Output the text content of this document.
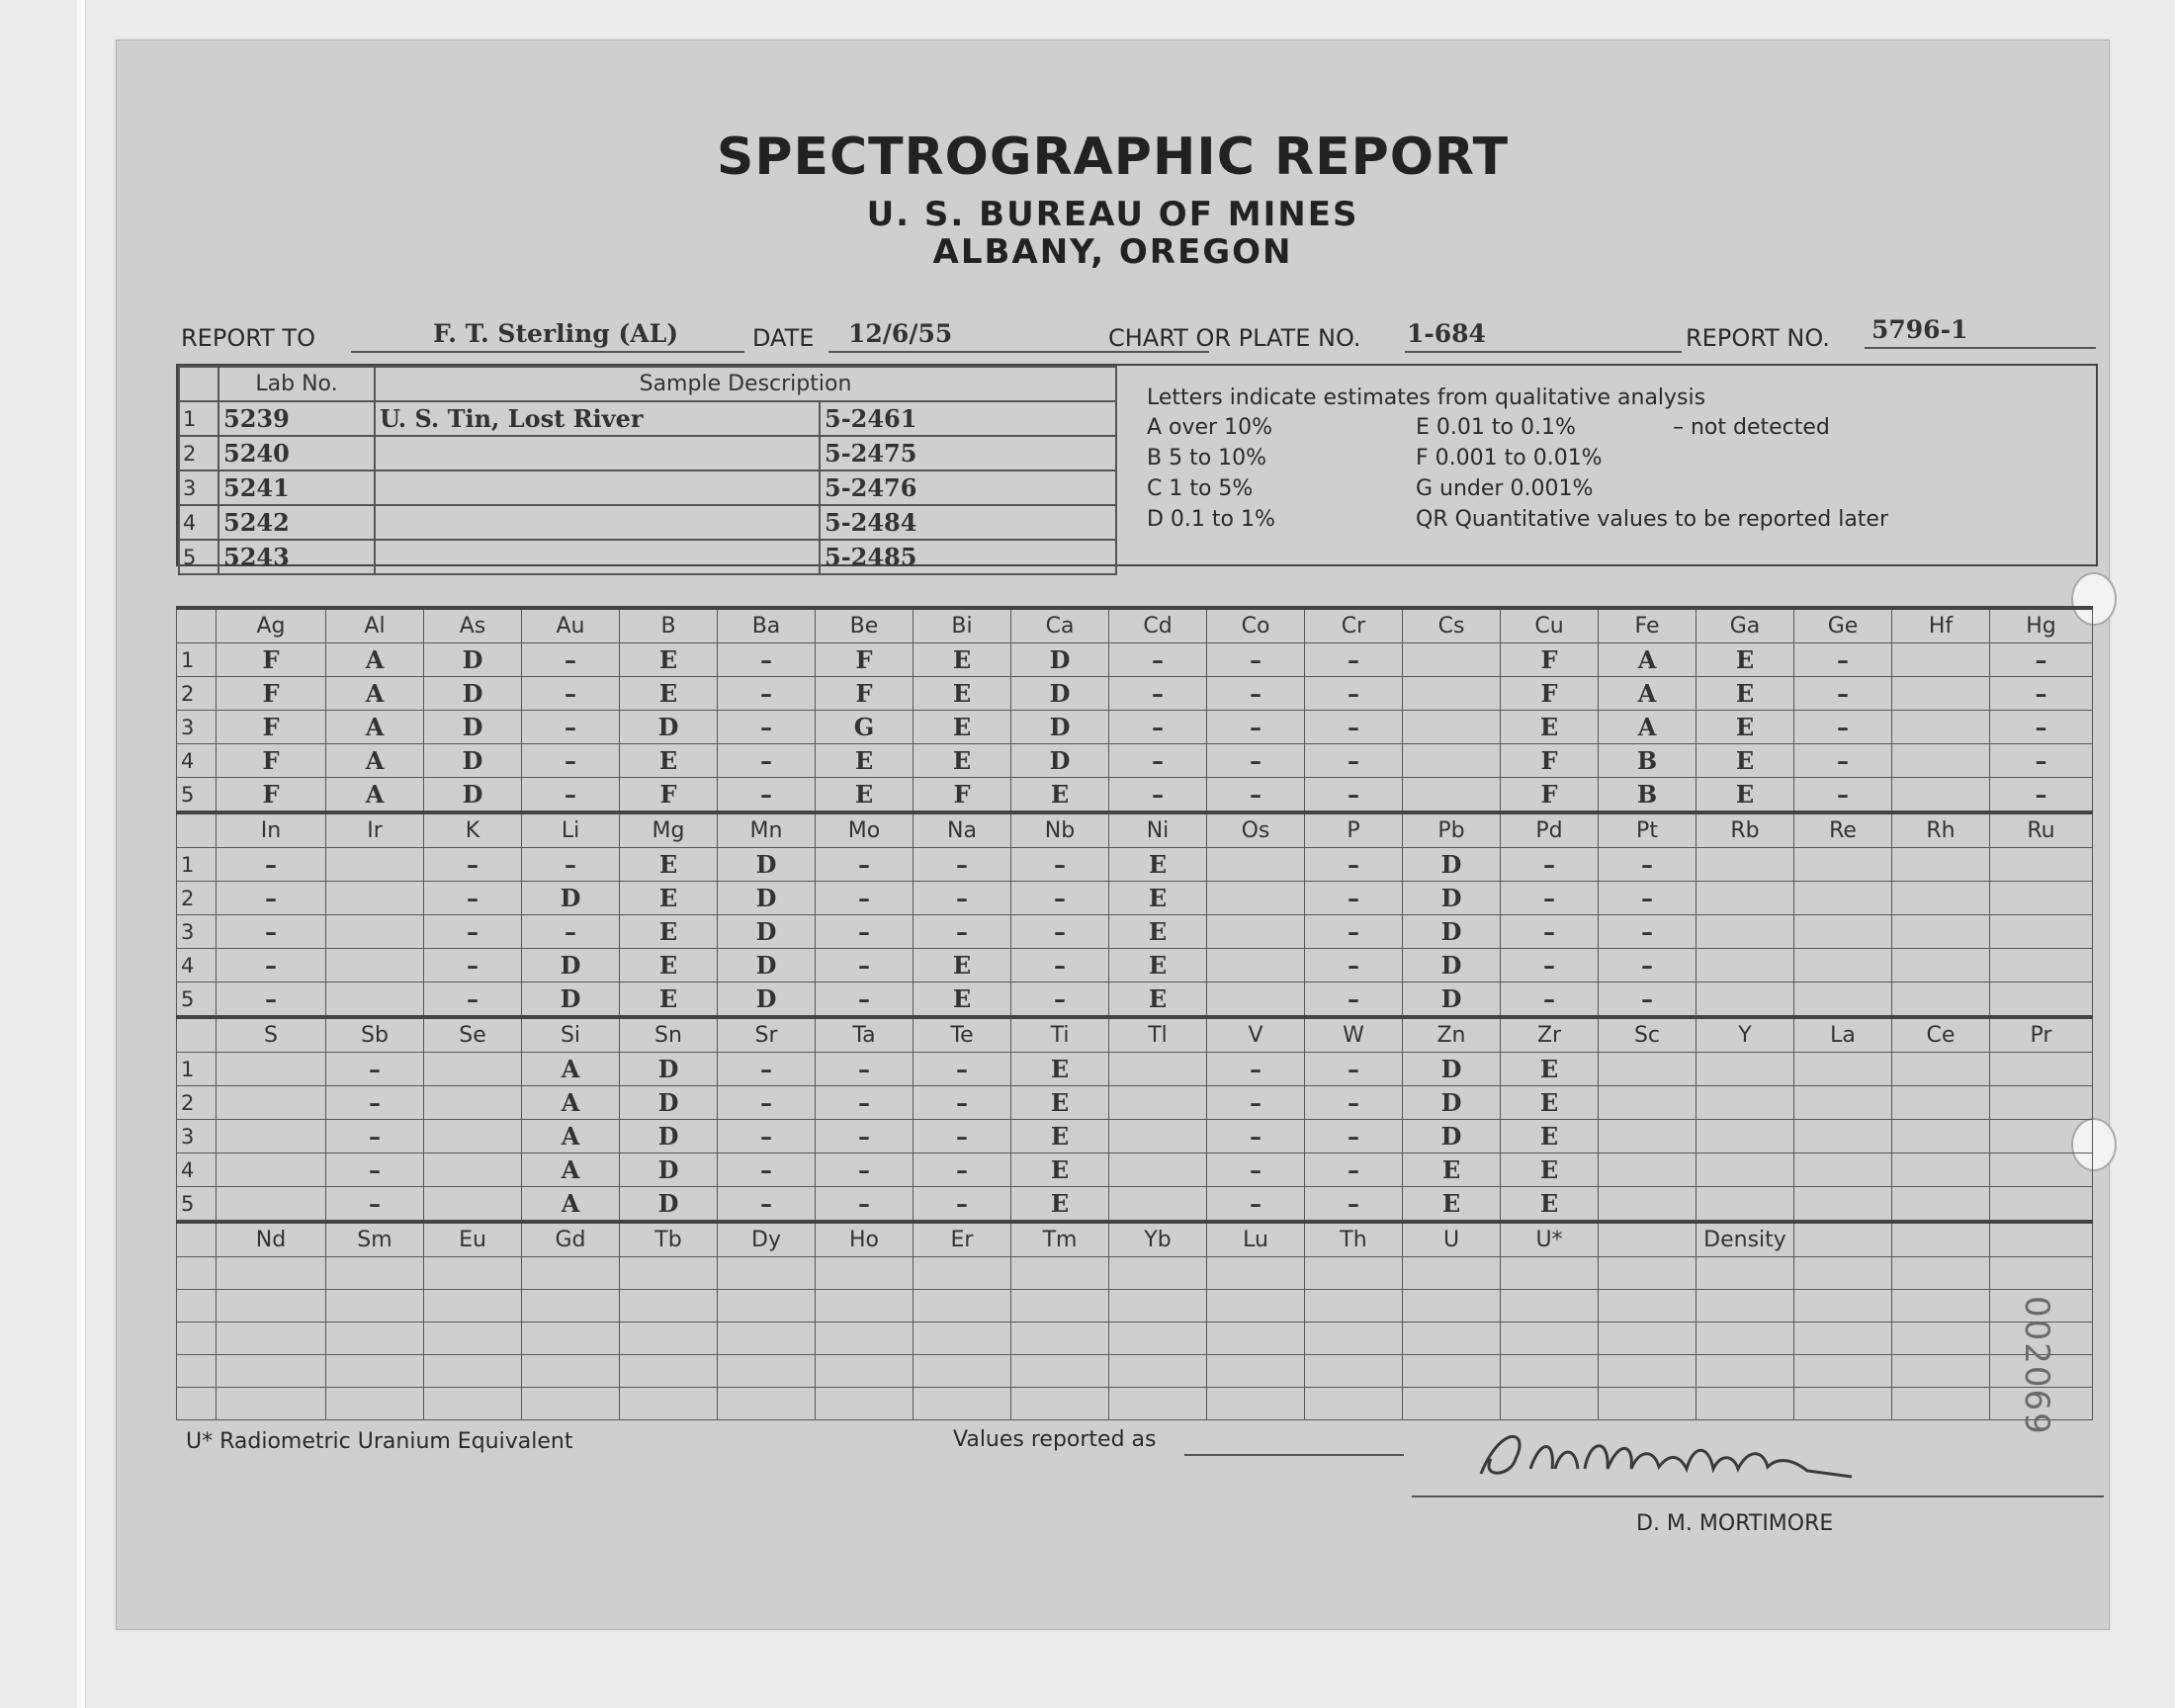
SPECTROGRAPHIC REPORT
U. S. BUREAU OF MINES
ALBANY, OREGON
REPORT TO	F. T. Sterling (AL)	DATE 12/6/55	CHART OR PLATE NO. 1-684	REPORT NO. 5796-1
	Lab No.	Sample Description	
1	5239	U. S. Tin, Lost River	5-2461
2	5240		5-2475
3	5241		5-2476
4	5242		5-2484
5	5243		5-2485
Letters indicate estimates from qualitative analysis
A over 10%
B 5 to 10%
C 1 to 5%
D 0.1 to 1%
E 0.01 to 0.1%
F 0.001 to 0.01%
G under 0.001%
QR Quantitative values to be reported later
– not detected
	Ag	Al	As	Au	B	Ba	Be	Bi	Ca	Cd	Co	Cr	Cs	Cu	Fe	Ga	Ge	Hf	Hg
1	F	A	D	–	E	–	F	E	D	–	–	–		F	A	E	–		–
2	F	A	D	–	E	–	F	E	D	–	–	–		F	A	E	–		–
3	F	A	D	–	D	–	G	E	D	–	–	–		E	A	E	–		–
4	F	A	D	–	E	–	E	E	D	–	–	–		F	B	E	–		–
5	F	A	D	–	F	–	E	F	E	–	–	–		F	B	E	–		–
	In	Ir	K	Li	Mg	Mn	Mo	Na	Nb	Ni	Os	P	Pb	Pd	Pt	Rb	Re	Rh	Ru
1	–		–	–	E	D	–	–	–	E		–	D	–	–				
2	–		–	D	E	D	–	–	–	E		–	D	–	–				
3	–		–	–	E	D	–	–	–	E		–	D	–	–				
4	–		–	D	E	D	–	E	–	E		–	D	–	–				
5	–		–	D	E	D	–	E	–	E		–	D	–	–				
	S	Sb	Se	Si	Sn	Sr	Ta	Te	Ti	Tl	V	W	Zn	Zr	Sc	Y	La	Ce	Pr
1		–		A	D	–	–	–	E		–	–	D	E					
2		–		A	D	–	–	–	E		–	–	D	E					
3		–		A	D	–	–	–	E		–	–	D	E					
4		–		A	D	–	–	–	E		–	–	E	E					
5		–		A	D	–	–	–	E		–	–	E	E					
	Nd	Sm	Eu	Gd	Tb	Dy	Ho	Er	Tm	Yb	Lu	Th	U	U*		Density			

U* Radiometric Uranium Equivalent	Values reported as
D. M. MORTIMORE
002069
